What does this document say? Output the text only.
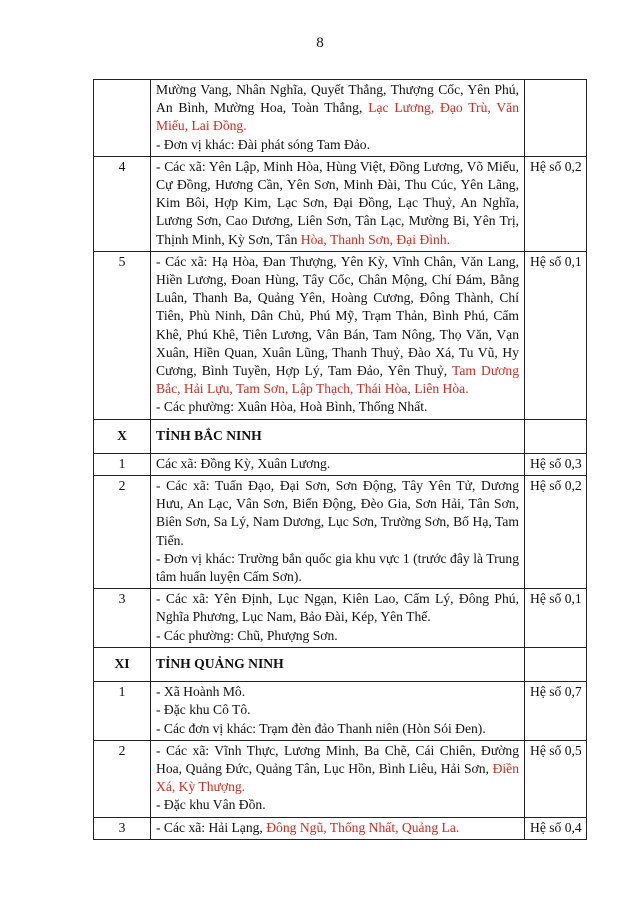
8

	Mường Vang, Nhân Nghĩa, Quyết Thắng, Thượng Cốc, Yên Phú, An Bình, Mường Hoa, Toàn Thắng, Lạc Lương, Đạo Trù, Văn Miếu, Lai Đồng.
- Đơn vị khác: Đài phát sóng Tam Đảo.	

4	- Các xã: Yên Lập, Minh Hòa, Hùng Việt, Đồng Lương, Võ Miếu, Cự Đồng, Hương Cần, Yên Sơn, Minh Đài, Thu Cúc, Yên Lãng, Kim Bôi, Hợp Kim, Lạc Sơn, Đại Đồng, Lạc Thuỷ, An Nghĩa, Lương Sơn, Cao Dương, Liên Sơn, Tân Lạc, Mường Bi, Yên Trị, Thịnh Minh, Kỳ Sơn, Tân Hòa, Thanh Sơn, Đại Đình.	Hệ số 0,2
5	- Các xã: Hạ Hòa, Đan Thượng, Yên Kỳ, Vĩnh Chân, Văn Lang, Hiền Lương, Đoan Hùng, Tây Cốc, Chân Mộng, Chí Đám, Bằng Luân, Thanh Ba, Quảng Yên, Hoàng Cương, Đông Thành, Chí Tiên, Phù Ninh, Dân Chủ, Phú Mỹ, Trạm Thản, Bình Phú, Cẩm Khê, Phú Khê, Tiên Lương, Vân Bán, Tam Nông, Thọ Văn, Vạn Xuân, Hiền Quan, Xuân Lũng, Thanh Thuỷ, Đào Xá, Tu Vũ, Hy Cương, Bình Tuyền, Hợp Lý, Tam Đảo, Yên Thuỷ, Tam Dương Bắc, Hải Lựu, Tam Sơn, Lập Thạch, Thái Hòa, Liên Hòa.
- Các phường: Xuân Hòa, Hoà Bình, Thống Nhất.	Hệ số 0,1
X	TỈNH BẮC NINH	
1	Các xã: Đồng Kỳ, Xuân Lương.	Hệ số 0,3
2	- Các xã: Tuấn Đạo, Đại Sơn, Sơn Động, Tây Yên Tử, Dương Hưu, An Lạc, Vân Sơn, Biển Động, Đèo Gia, Sơn Hải, Tân Sơn, Biên Sơn, Sa Lý, Nam Dương, Lục Sơn, Trường Sơn, Bố Hạ, Tam Tiến.
- Đơn vị khác: Trường bắn quốc gia khu vực 1 (trước đây là Trung tâm huấn luyện Cấm Sơn).	Hệ số 0,2
3	- Các xã: Yên Định, Lục Ngạn, Kiên Lao, Cẩm Lý, Đông Phú, Nghĩa Phương, Lục Nam, Bảo Đài, Kép, Yên Thế.
- Các phường: Chũ, Phượng Sơn.	Hệ số 0,1
XI	TỈNH QUẢNG NINH	
1	- Xã Hoành Mô.
- Đặc khu Cô Tô.
- Các đơn vị khác: Trạm đèn đảo Thanh niên (Hòn Sói Đen).	Hệ số 0,7
2	- Các xã: Vĩnh Thực, Lương Minh, Ba Chẽ, Cái Chiên, Đường Hoa, Quảng Đức, Quảng Tân, Lục Hồn, Bình Liêu, Hải Sơn, Điền Xá, Kỳ Thượng.
- Đặc khu Vân Đồn.	Hệ số 0,5
3	- Các xã: Hải Lạng, Đông Ngũ, Thống Nhất, Quảng La.	Hệ số 0,4
